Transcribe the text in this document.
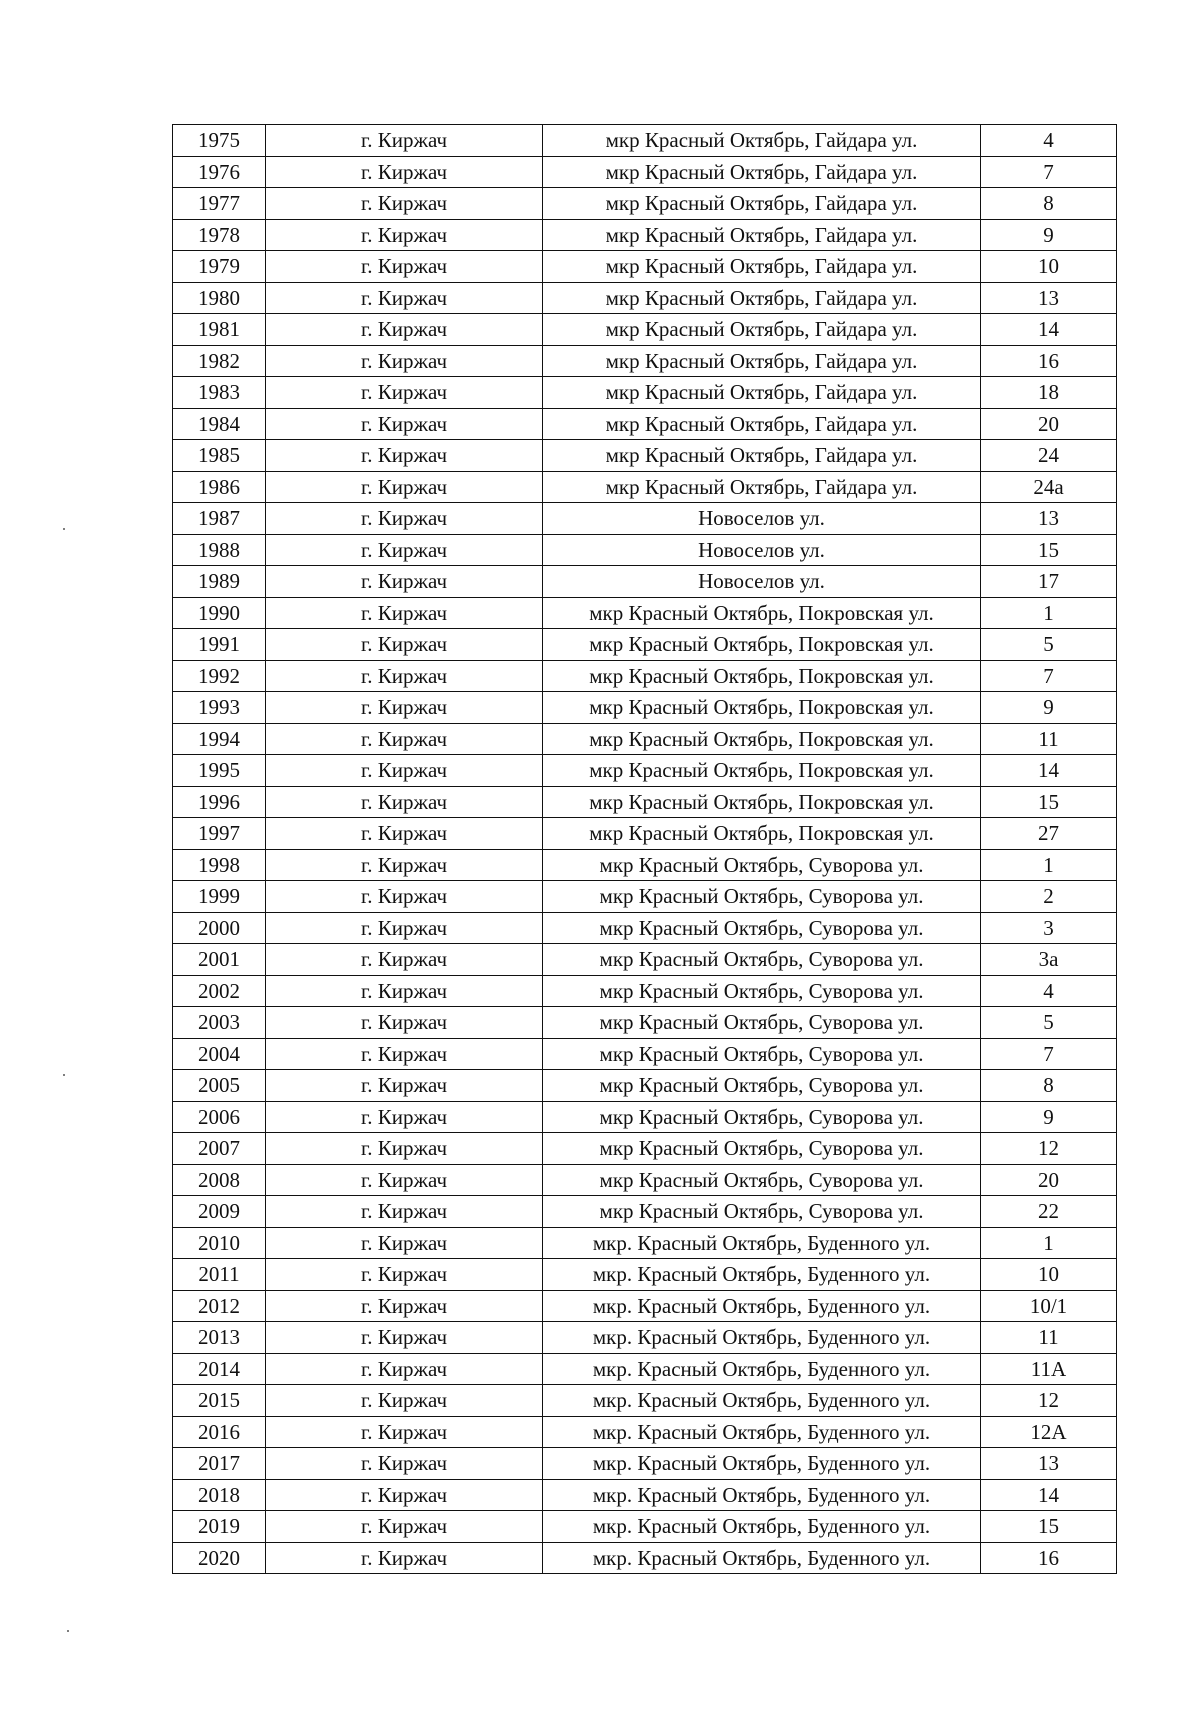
1975	г. Киржач	мкр Красный Октябрь, Гайдара ул.	4
1976	г. Киржач	мкр Красный Октябрь, Гайдара ул.	7
1977	г. Киржач	мкр Красный Октябрь, Гайдара ул.	8
1978	г. Киржач	мкр Красный Октябрь, Гайдара ул.	9
1979	г. Киржач	мкр Красный Октябрь, Гайдара ул.	10
1980	г. Киржач	мкр Красный Октябрь, Гайдара ул.	13
1981	г. Киржач	мкр Красный Октябрь, Гайдара ул.	14
1982	г. Киржач	мкр Красный Октябрь, Гайдара ул.	16
1983	г. Киржач	мкр Красный Октябрь, Гайдара ул.	18
1984	г. Киржач	мкр Красный Октябрь, Гайдара ул.	20
1985	г. Киржач	мкр Красный Октябрь, Гайдара ул.	24
1986	г. Киржач	мкр Красный Октябрь, Гайдара ул.	24а
1987	г. Киржач	Новоселов ул.	13
1988	г. Киржач	Новоселов ул.	15
1989	г. Киржач	Новоселов ул.	17
1990	г. Киржач	мкр Красный Октябрь, Покровская ул.	1
1991	г. Киржач	мкр Красный Октябрь, Покровская ул.	5
1992	г. Киржач	мкр Красный Октябрь, Покровская ул.	7
1993	г. Киржач	мкр Красный Октябрь, Покровская ул.	9
1994	г. Киржач	мкр Красный Октябрь, Покровская ул.	11
1995	г. Киржач	мкр Красный Октябрь, Покровская ул.	14
1996	г. Киржач	мкр Красный Октябрь, Покровская ул.	15
1997	г. Киржач	мкр Красный Октябрь, Покровская ул.	27
1998	г. Киржач	мкр Красный Октябрь, Суворова ул.	1
1999	г. Киржач	мкр Красный Октябрь, Суворова ул.	2
2000	г. Киржач	мкр Красный Октябрь, Суворова ул.	3
2001	г. Киржач	мкр Красный Октябрь, Суворова ул.	3а
2002	г. Киржач	мкр Красный Октябрь, Суворова ул.	4
2003	г. Киржач	мкр Красный Октябрь, Суворова ул.	5
2004	г. Киржач	мкр Красный Октябрь, Суворова ул.	7
2005	г. Киржач	мкр Красный Октябрь, Суворова ул.	8
2006	г. Киржач	мкр Красный Октябрь, Суворова ул.	9
2007	г. Киржач	мкр Красный Октябрь, Суворова ул.	12
2008	г. Киржач	мкр Красный Октябрь, Суворова ул.	20
2009	г. Киржач	мкр Красный Октябрь, Суворова ул.	22
2010	г. Киржач	мкр. Красный Октябрь, Буденного ул.	1
2011	г. Киржач	мкр. Красный Октябрь, Буденного ул.	10
2012	г. Киржач	мкр. Красный Октябрь, Буденного ул.	10/1
2013	г. Киржач	мкр. Красный Октябрь, Буденного ул.	11
2014	г. Киржач	мкр. Красный Октябрь, Буденного ул.	11А
2015	г. Киржач	мкр. Красный Октябрь, Буденного ул.	12
2016	г. Киржач	мкр. Красный Октябрь, Буденного ул.	12А
2017	г. Киржач	мкр. Красный Октябрь, Буденного ул.	13
2018	г. Киржач	мкр. Красный Октябрь, Буденного ул.	14
2019	г. Киржач	мкр. Красный Октябрь, Буденного ул.	15
2020	г. Киржач	мкр. Красный Октябрь, Буденного ул.	16
